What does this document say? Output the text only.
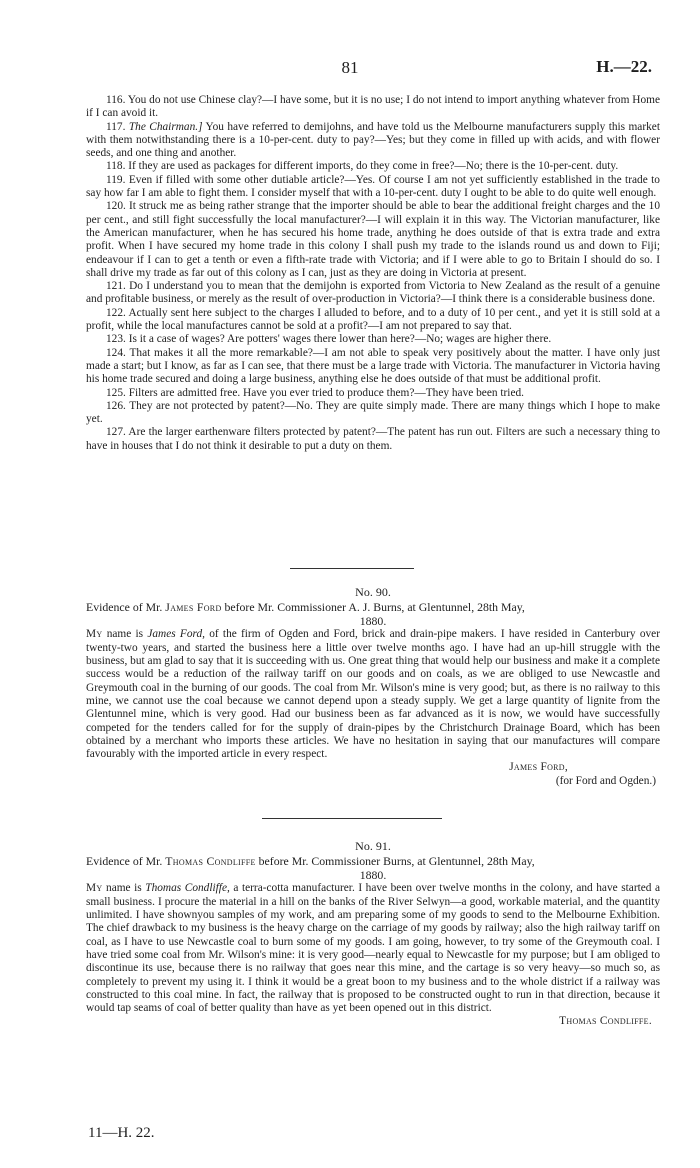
81	H.—22.

116. You do not use Chinese clay?—I have some, but it is no use; I do not intend to import anything whatever from Home if I can avoid it.

117. The Chairman.] You have referred to demijohns, and have told us the Melbourne manufacturers supply this market with them notwithstanding there is a 10-per-cent. duty to pay?—Yes; but they come in filled up with acids, and with flower seeds, and one thing and another.

118. If they are used as packages for different imports, do they come in free?—No; there is the 10-per-cent. duty.

119. Even if filled with some other dutiable article?—Yes. Of course I am not yet sufficiently established in the trade to say how far I am able to fight them. I consider myself that with a 10-per-cent. duty I ought to be able to do quite well enough.

120. It struck me as being rather strange that the importer should be able to bear the additional freight charges and the 10 per cent., and still fight successfully the local manufacturer?—I will explain it in this way. The Victorian manufacturer, like the American manufacturer, when he has secured his home trade, anything he does outside of that is extra trade and extra profit. When I have secured my home trade in this colony I shall push my trade to the islands round us and down to Fiji; endeavour if I can to get a tenth or even a fifth-rate trade with Victoria; and if I were able to go to Britain I should do so. I shall drive my trade as far out of this colony as I can, just as they are doing in Victoria at present.

121. Do I understand you to mean that the demijohn is exported from Victoria to New Zealand as the result of a genuine and profitable business, or merely as the result of over-production in Victoria?—I think there is a considerable business done.

122. Actually sent here subject to the charges I alluded to before, and to a duty of 10 per cent., and yet it is still sold at a profit, while the local manufactures cannot be sold at a profit?—I am not prepared to say that.

123. Is it a case of wages? Are potters' wages there lower than here?—No; wages are higher there.

124. That makes it all the more remarkable?—I am not able to speak very positively about the matter. I have only just made a start; but I know, as far as I can see, that there must be a large trade with Victoria. The manufacturer in Victoria having his home trade secured and doing a large business, anything else he does outside of that must be additional profit.

125. Filters are admitted free. Have you ever tried to produce them?—They have been tried.

126. They are not protected by patent?—No. They are quite simply made. There are many things which I hope to make yet.

127. Are the larger earthenware filters protected by patent?—The patent has run out. Filters are such a necessary thing to have in houses that I do not think it desirable to put a duty on them.

No. 90.

Evidence of Mr. James Ford before Mr. Commissioner A. J. Burns, at Glentunnel, 28th May,
1880.

My name is James Ford, of the firm of Ogden and Ford, brick and drain-pipe makers. I have resided in Canterbury over twenty-two years, and started the business here a little over twelve months ago. I have had an up-hill struggle with the business, but am glad to say that it is succeeding with us. One great thing that would help our business and make it a complete success would be a reduction of the railway tariff on our goods and on coals, as we are obliged to use Newcastle and Greymouth coal in the burning of our goods. The coal from Mr. Wilson's mine is very good; but, as there is no railway to this mine, we cannot use the coal because we cannot depend upon a steady supply. We get a large quantity of lignite from the Glentunnel mine, which is very good. Had our business been as far advanced as it is now, we would have successfully competed for the tenders called for for the supply of drain-pipes by the Christchurch Drainage Board, which has been obtained by a merchant who imports these articles. We have no hesitation in saying that our manufactures will compare favourably with the imported article in every respect.

James Ford,

(for Ford and Ogden.)

No. 91.

Evidence of Mr. Thomas Condliffe before Mr. Commissioner Burns, at Glentunnel, 28th May,
1880.

My name is Thomas Condliffe, a terra-cotta manufacturer. I have been over twelve months in the colony, and have started a small business. I procure the material in a hill on the banks of the River Selwyn—a good, workable material, and the quantity unlimited. I have shownyou samples of my work, and am preparing some of my goods to send to the Melbourne Exhibition. The chief drawback to my business is the heavy charge on the carriage of my goods by railway; also the high railway tariff on coal, as I have to use Newcastle coal to burn some of my goods. I am going, however, to try some of the Greymouth coal. I have tried some coal from Mr. Wilson's mine: it is very good—nearly equal to Newcastle for my purpose; but I am obliged to discontinue its use, because there is no railway that goes near this mine, and the cartage is so very heavy—so much so, as completely to prevent my using it. I think it would be a great boon to my business and to the whole district if a railway was constructed to this coal mine. In fact, the railway that is proposed to be constructed ought to run in that direction, because it would tap seams of coal of better quality than have as yet been opened out in this district.

Thomas Condliffe.

11—H. 22.
